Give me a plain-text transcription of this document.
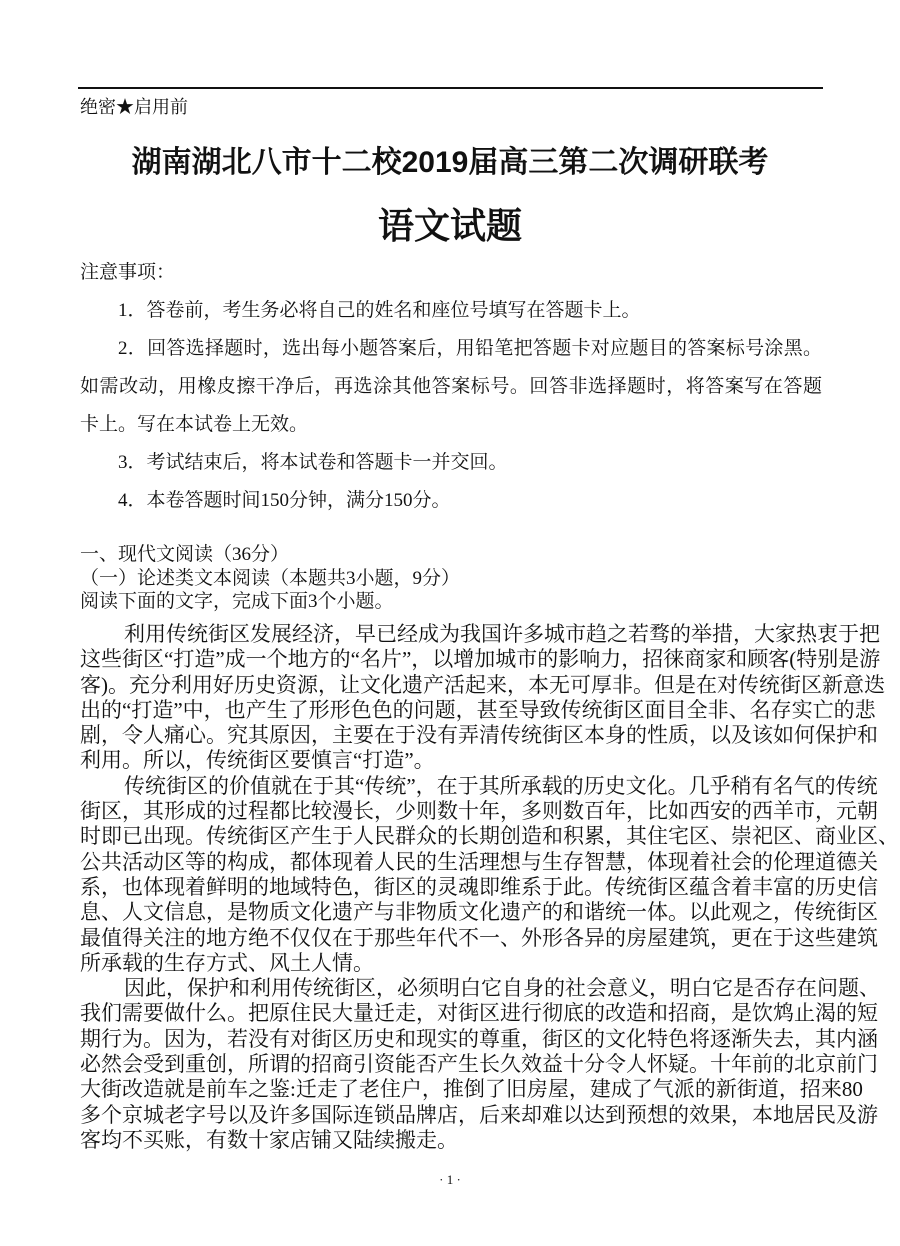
绝密★启用前
湖南湖北八市十二校2019届高三第二次调研联考
语文试题
注意事项：
1．答卷前，考生务必将自己的姓名和座位号填写在答题卡上。
2．回答选择题时，选出每小题答案后，用铅笔把答题卡对应题目的答案标号涂黑。
如需改动，用橡皮擦干净后，再选涂其他答案标号。回答非选择题时，将答案写在答题
卡上。写在本试卷上无效。
3．考试结束后，将本试卷和答题卡一并交回。
4．本卷答题时间150分钟，满分150分。
一、现代文阅读（36分）
（一）论述类文本阅读（本题共3小题，9分）
阅读下面的文字，完成下面3个小题。
利用传统街区发展经济，早已经成为我国许多城市趋之若骛的举措，大家热衷于把
这些街区“打造”成一个地方的“名片”，以增加城市的影响力，招徕商家和顾客(特别是游
客)。充分利用好历史资源，让文化遗产活起来，本无可厚非。但是在对传统街区新意迭
出的“打造”中，也产生了形形色色的问题，甚至导致传统街区面目全非、名存实亡的悲
剧，令人痛心。究其原因，主要在于没有弄清传统街区本身的性质，以及该如何保护和
利用。所以，传统街区要慎言“打造”。
传统街区的价值就在于其“传统”，在于其所承载的历史文化。几乎稍有名气的传统
街区，其形成的过程都比较漫长，少则数十年，多则数百年，比如西安的西羊市，元朝
时即已出现。传统街区产生于人民群众的长期创造和积累，其住宅区、崇祀区、商业区、
公共活动区等的构成，都体现着人民的生活理想与生存智慧，体现着社会的伦理道德关
系，也体现着鲜明的地域特色，街区的灵魂即维系于此。传统街区蕴含着丰富的历史信
息、人文信息，是物质文化遗产与非物质文化遗产的和谐统一体。以此观之，传统街区
最值得关注的地方绝不仅仅在于那些年代不一、外形各异的房屋建筑，更在于这些建筑
所承载的生存方式、风土人情。
因此，保护和利用传统街区，必须明白它自身的社会意义，明白它是否存在问题、
我们需要做什么。把原住民大量迁走，对街区进行彻底的改造和招商，是饮鸩止渴的短
期行为。因为，若没有对街区历史和现实的尊重，街区的文化特色将逐渐失去，其内涵
必然会受到重创，所谓的招商引资能否产生长久效益十分令人怀疑。十年前的北京前门
大街改造就是前车之鉴:迁走了老住户，推倒了旧房屋，建成了气派的新街道，招来80
多个京城老字号以及许多国际连锁品牌店，后来却难以达到预想的效果，本地居民及游
客均不买账，有数十家店铺又陆续搬走。
· 1 ·
